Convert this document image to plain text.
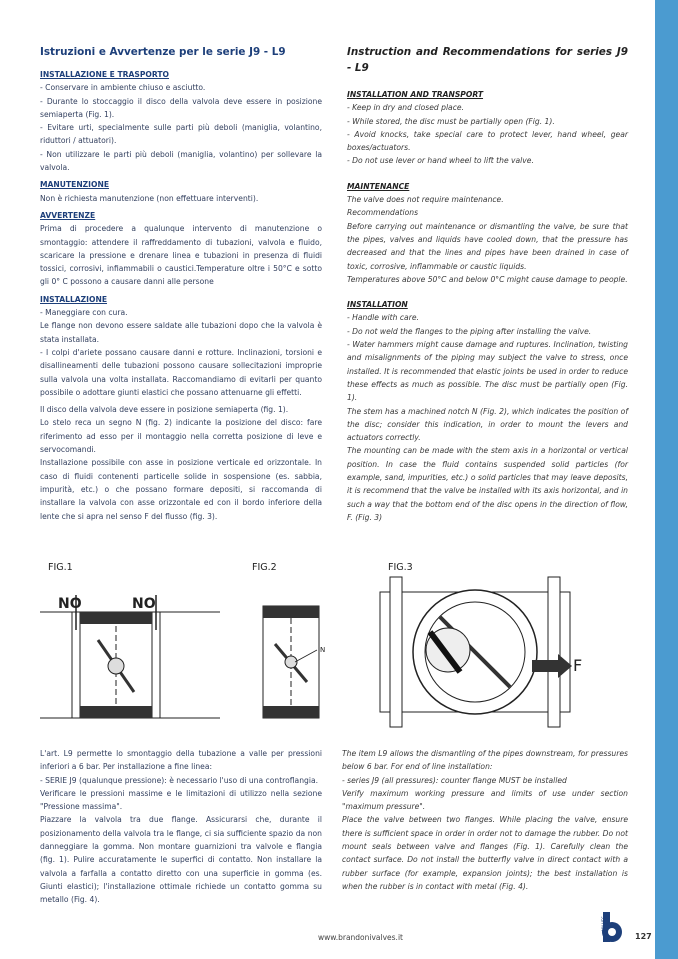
Istruzioni e Avvertenze per le serie J9 - L9
INSTALLAZIONE E TRASPORTO

- Conservare in ambiente chiuso e asciutto.

- Durante lo stoccaggio il disco della valvola deve essere in posizione semiaperta (Fig. 1).

- Evitare urti, specialmente sulle parti più deboli (maniglia, volantino, riduttori / attuatori).

- Non utilizzare le parti più deboli (maniglia, volantino) per sollevare la valvola.

MANUTENZIONE

Non è richiesta manutenzione (non effettuare interventi).

AVVERTENZE

Prima di procedere a qualunque intervento di manutenzione o smontaggio: attendere il raffreddamento di tubazioni, valvola e fluido, scaricare la pressione e drenare linea e tubazioni in presenza di fluidi tossici, corrosivi, infiammabili o caustici.Temperature oltre i 50°C e sotto gli 0° C possono a causare danni alle persone

INSTALLAZIONE

- Maneggiare con cura.

Le flange non devono essere saldate alle tubazioni dopo che la valvola è stata installata.

- I colpi d'ariete possano causare danni e rotture. Inclinazioni, torsioni e disallineamenti delle tubazioni possono causare sollecitazioni improprie sulla valvola una volta installata. Raccomandiamo di evitarli per quanto possibile o adottare giunti elastici che possano attenuarne gli effetti.

Il disco della valvola deve essere in posizione semiaperta (fig. 1).

Lo stelo reca un segno N (fig. 2) indicante la posizione del disco: fare riferimento ad esso per il montaggio nella corretta posizione di leve e servocomandi.

Installazione possibile con asse in posizione verticale ed orizzontale. In caso di fluidi contenenti particelle solide in sospensione (es. sabbia, impurità, etc.) o che possano formare depositi, si raccomanda di installare la valvola con asse orizzontale ed con il bordo inferiore della lente che si apra nel senso F del flusso (fig. 3).

Instruction and Recommendations for series J9 - L9
INSTALLATION AND TRANSPORT

- Keep in dry and closed place.

- While stored, the disc must be partially open (Fig. 1).

- Avoid knocks, take special care to protect lever, hand wheel, gear boxes/actuators.

- Do not use lever or hand wheel to lift the valve.

MAINTENANCE

The valve does not require maintenance.

Recommendations

Before carrying out maintenance or dismantling the valve, be sure that the pipes, valves and liquids have cooled down, that the pressure has decreased and that the lines and pipes have been drained in case of toxic, corrosive, inflammable or caustic liquids.

Temperatures above 50°C and below 0°C might cause damage to people.

INSTALLATION

- Handle with care.

- Do not weld the flanges to the piping after installing the valve.

- Water hammers might cause damage and ruptures. Inclination, twisting and misalignments of the piping may subject the valve to stress, once installed. It is recommended that elastic joints be used in order to reduce these effects as much as possible. The disc must be partially open (Fig. 1).

The stem has a machined notch N (Fig. 2), which indicates the position of the disc; consider this indication, in order to mount the levers and actuators correctly.

The mounting can be made with the stem axis in a horizontal or vertical position. In case the fluid contains suspended solid particles (for example, sand, impurities, etc.) o solid particles that may leave deposits, it is recommend that the valve be installed with its axis horizontal, and in such a way that the bottom end of the disc opens in the direction of flow, F. (Fig. 3)

FIG.1	FIG.2	FIG.3
NO	NO
N
F

L'art. L9 permette lo smontaggio della tubazione a valle per pressioni inferiori a 6 bar. Per installazione a fine linea:

- SERIE J9 (qualunque pressione): è necessario l'uso di una controflangia.

Verificare le pressioni massime e le limitazioni di utilizzo nella sezione "Pressione massima".

Piazzare la valvola tra due flange. Assicurarsi che, durante il posizionamento della valvola tra le flange, ci sia sufficiente spazio da non danneggiare la gomma. Non montare guarnizioni tra valvole e flangia (fig. 1). Pulire accuratamente le superfici di contatto. Non installare la valvola a farfalla a contatto diretto con una superficie in gomma (es. Giunti elastici); l'installazione ottimale richiede un contatto gomma su metallo (Fig. 4).

The item L9 allows the dismantling of the pipes downstream, for pressures below 6 bar. For end of line installation:

- series J9 (all pressures): counter flange MUST be installed

Verify maximum working pressure and limits of use under section "maximum pressure".

Place the valve between two flanges. While placing the valve, ensure there is sufficient space in order in order not to damage the rubber. Do not mount seals between valve and flanges (Fig. 1). Carefully clean the contact surface. Do not install the butterfly valve in direct contact with a rubber surface (for example, expansion joints); the best installation is when the rubber is in contact with metal (Fig. 4).

www.brandonivalves.it
VALVES
127
